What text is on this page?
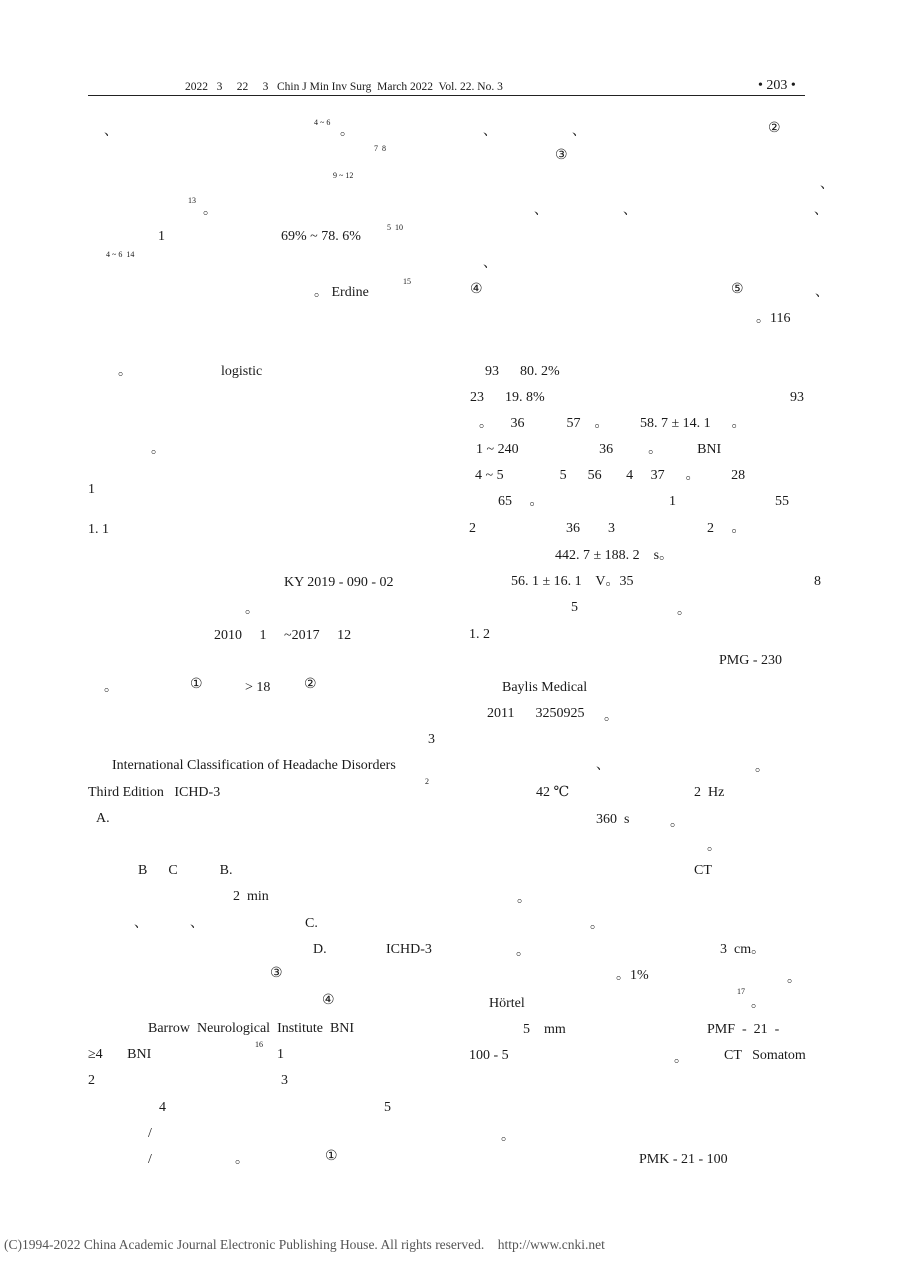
2022   3     22     3   Chin J Min Inv Surg  March 2022  Vol. 22. No. 3	• 203 •
、
4 ~ 6
。
7  8
9 ~ 12
13
。
1	69% ~ 78. 6%
5  10
4 ~ 6  14
。 Erdine
15
。	logistic
。
1
1. 1
KY 2019 - 090 - 02
。
2010     1     ~2017     12
。	①	> 18 ②
3
International Classification of Headache Disorders
Third Edition   ICHD-3
2
A.
B      C            B.
2  min
、	、	C.
D.	ICHD-3
③
④
Barrow  Neurological  Institute  BNI
≥4       BNI
16
1
2	3
4	5
/
/	。	①
、	、	②
③
、
、	、	、
、
④	⑤	、
。116
93      80. 2%
23      19. 8%	93
。     36            57    。         58. 7 ± 14. 1      。
1 ~ 240                       36          。          BNI
4 ~ 5                5      56       4     37      。         28
65     。	1	55
2	36        3	2     。
442. 7 ± 188. 2    s。
56. 1 ± 16. 1    V。35	8
5	。
1. 2
PMG - 230
Baylis Medical
2011      3250925 。
、	。
42 ℃	2  Hz
360  s	。
。
CT
。
。
。	3  cm。
。1%	。
Hörtel
17
。
5    mm	PMF  -  21  -
100 - 5	。	CT   Somatom
。
PMK - 21 - 100
(C)1994-2022 China Academic Journal Electronic Publishing House. All rights reserved.    http://www.cnki.net
